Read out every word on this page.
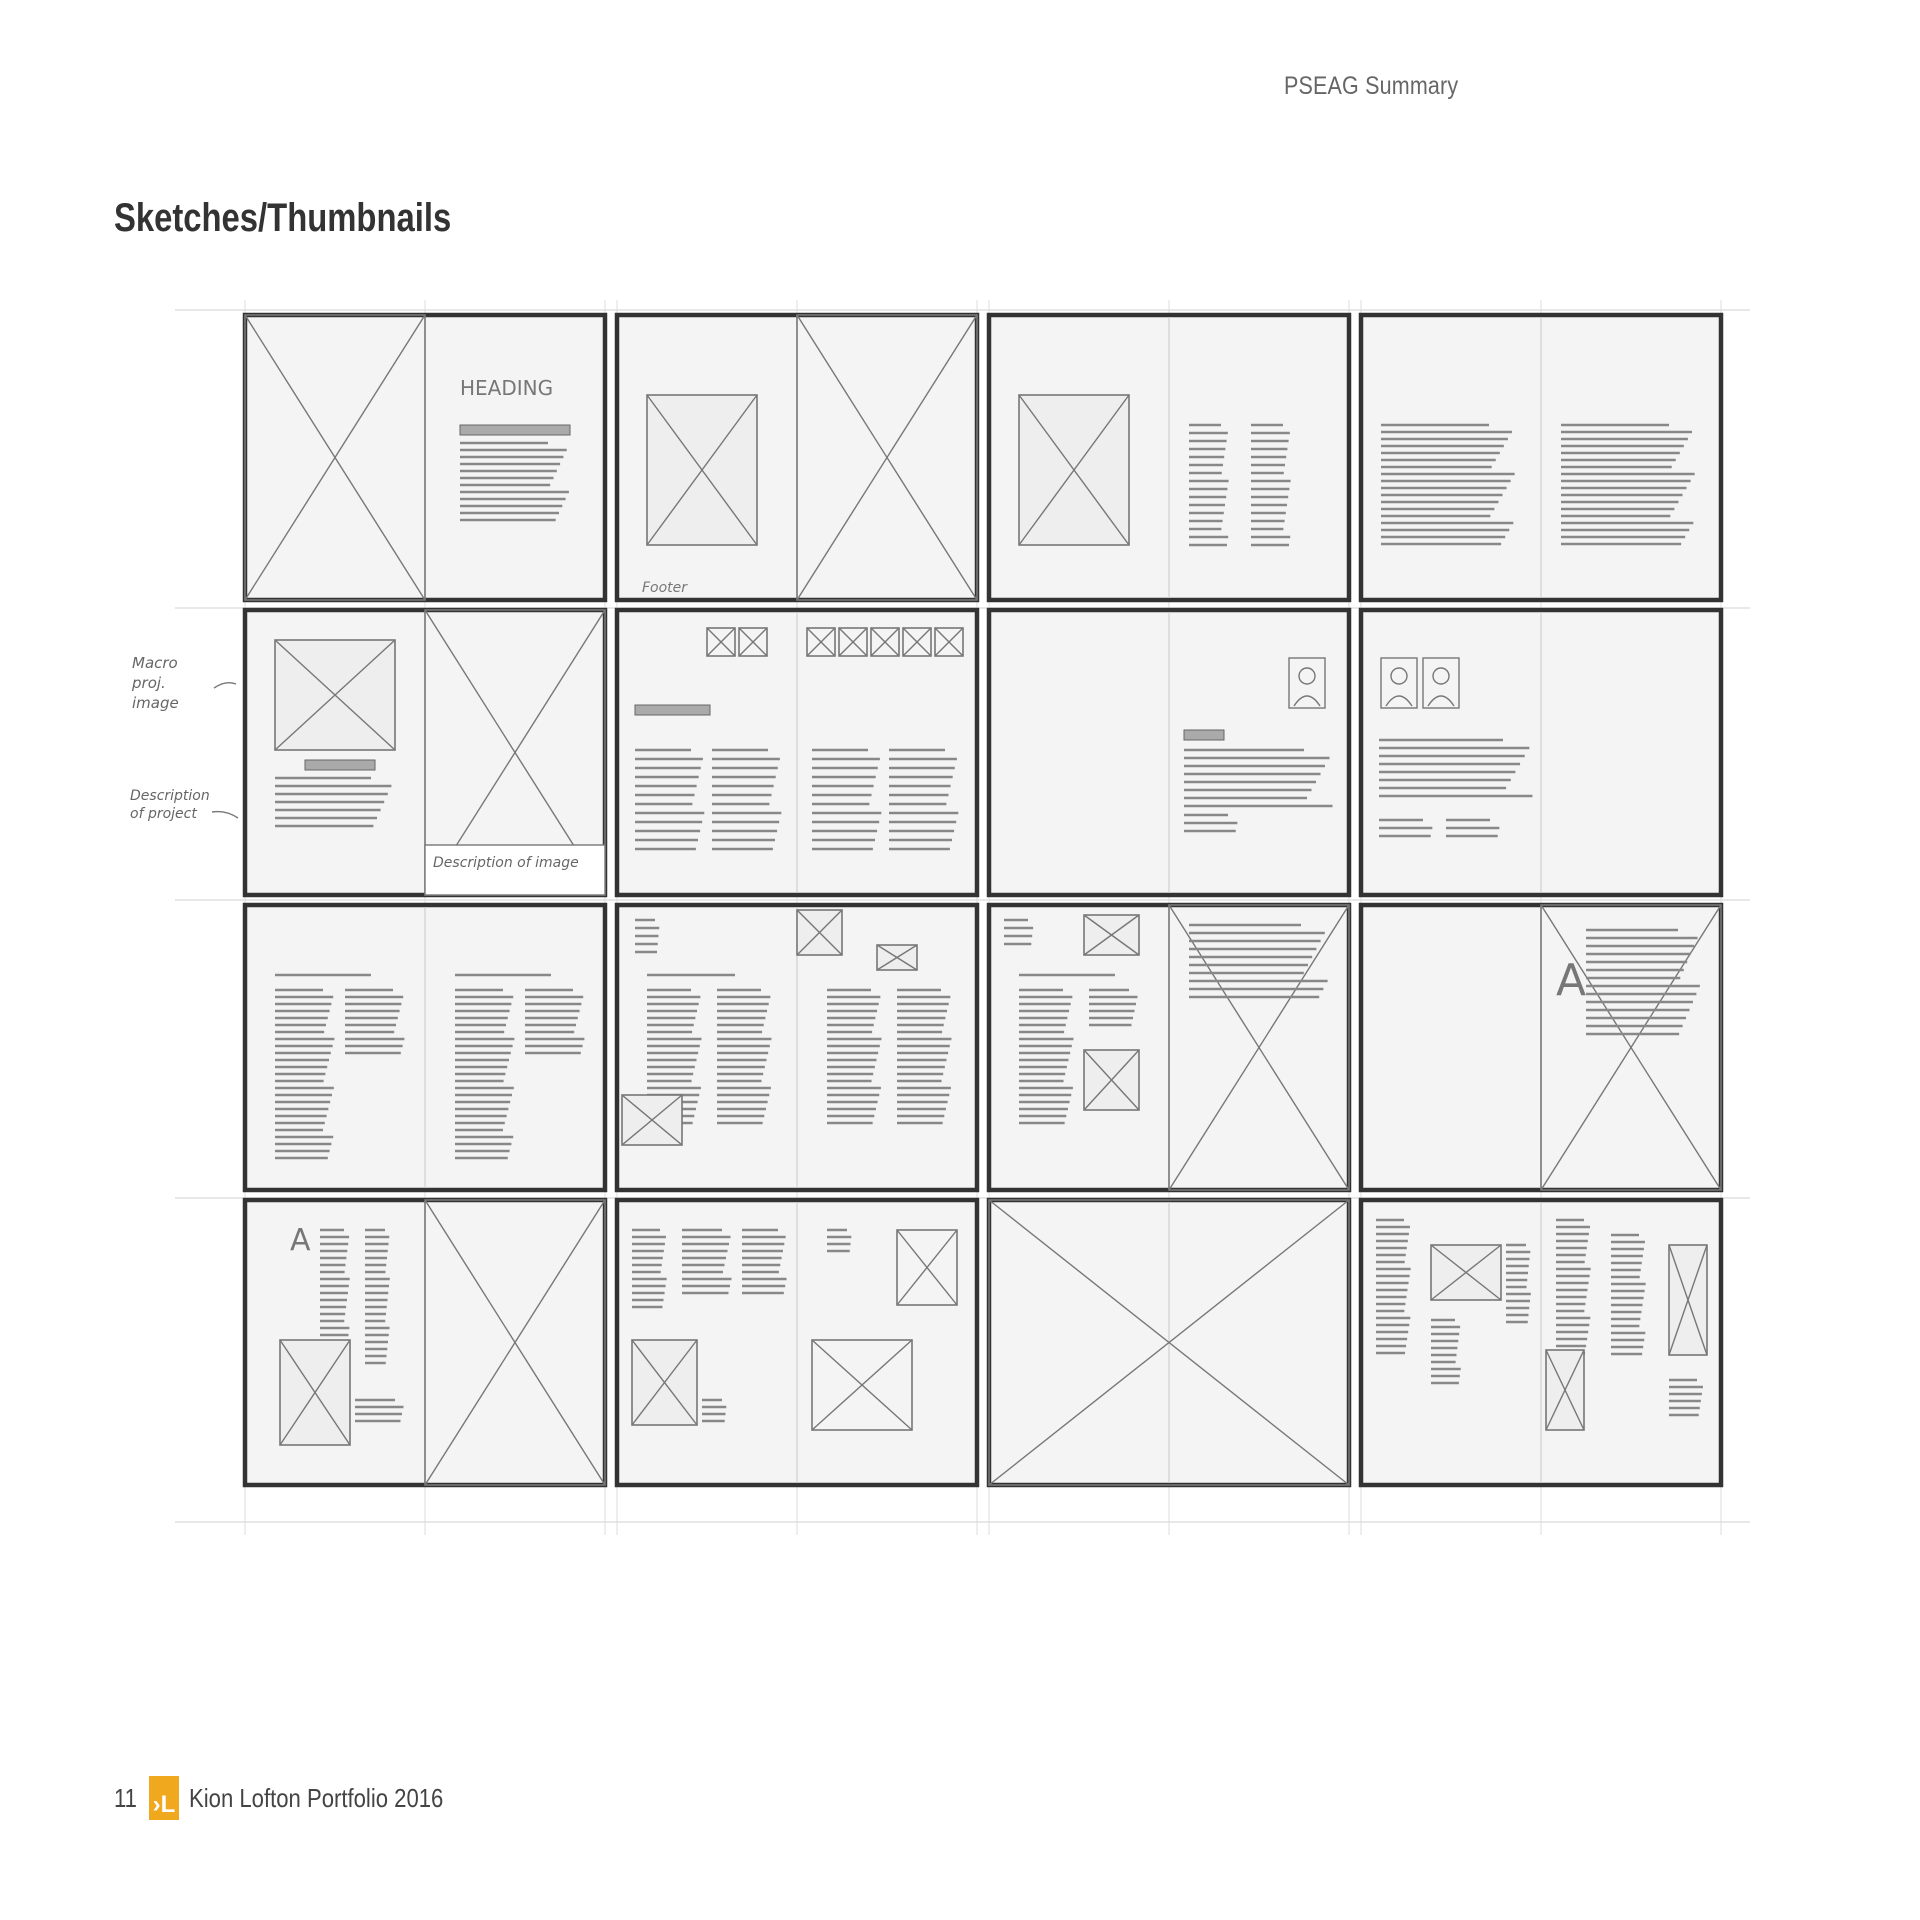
PSEAG Summary
Sketches/Thumbnails
HEADING
Footer
Description of image
A
A
Macro proj. image
Description of project
11 ›L Kion Lofton Portfolio 2016
